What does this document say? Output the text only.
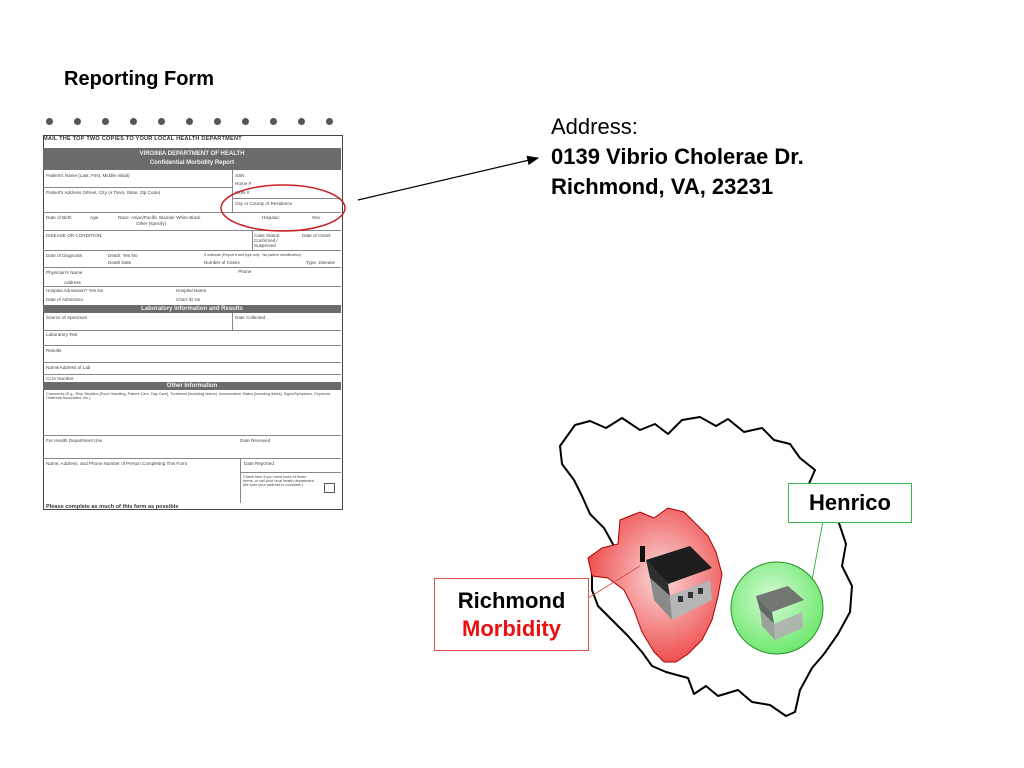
Reporting Form
MAIL THE TOP TWO COPIES TO YOUR LOCAL HEALTH DEPARTMENT
VIRGINIA DEPARTMENT OF HEALTH
Confidential Morbidity Report
Patient's Name (Last, First, Middle Initial)	SSN
Home #
Patient's Address (Street, City or Town, State, Zip Code)	Work #
City or County of Residence
Date of Birth	Age	Race: Asian/Pacific Islander White Black
Other (specify)
Hispanic	Sex
DISEASE OR CONDITION:	Case Status: Confirmed / Suspected
Date of Onset
Date of Diagnosis	Death: Yes No
Death Date
If outbreak (Report # and type only - No patient identification)
Number of Cases	Type, Disease
Physician's Name	Phone
Address
Hospital Admission? Yes No	Hospital Name
Date of Admission	Chart ID No
Laboratory Information and Results
Source of Specimen	Date Collected
Laboratory Test
Results
Name/Address of Lab
CLIA Number
Other Information
Comments (E.g., Risk Situation [Food Handling, Patient Care, Day Care], Treatment [including doses], Immunization Status [including dates], Signs/Symptoms, Exposure, Outbreak Associated, etc.)
For Health Department Use	Date Received
Name, Address, and Phone Number of Person Completing This Form	Date Reported
Check here if you need more of these forms, or call your local health department. (Be sure your address is complete.)
Please complete as much of this form as possible
Address:
0139 Vibrio Cholerae Dr.
Richmond, VA, 23231
Henrico
Richmond
Morbidity
